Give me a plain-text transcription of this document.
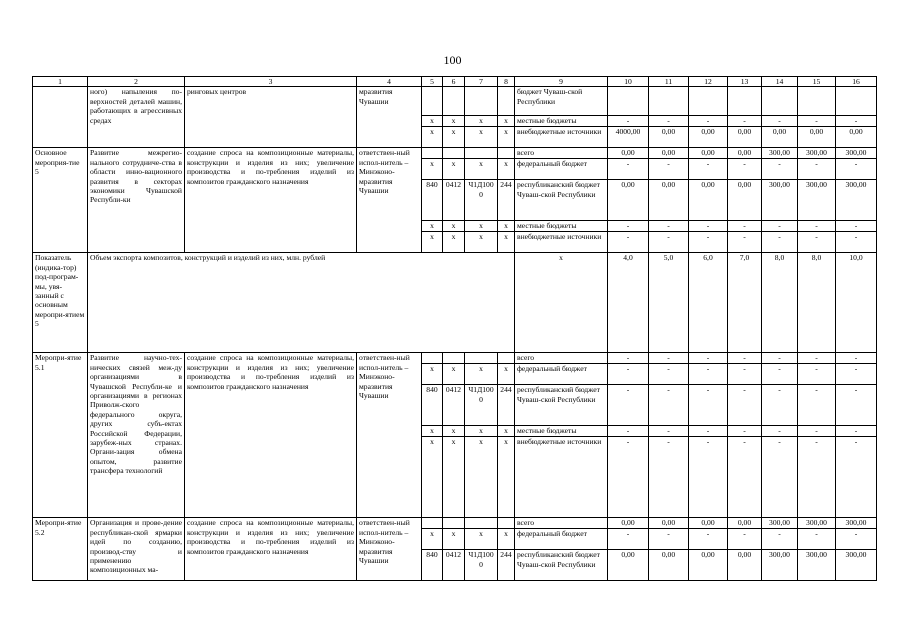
100
1	2	3	4	5	6	7	8	9	10	11	12	13	14	15	16
	ного) напыления по-верхностей деталей машин, работающих в агрессивных средах	ринговых центров	мразвития Чувашии					бюджет Чуваш-ской Республики							
				x	x	x	x	местные бюджеты	-	-	-	-	-	-	-
				x	x	x	x	внебюджетные источники	4000,00	0,00	0,00	0,00	0,00	0,00	0,00
Основное мероприя-тие 5	Развитие межрегио-нального сотрудниче-ства в области инно-вационного развития в секторах экономики Чувашской Республи-ки	создание спроса на композиционные материалы, конструкции и изделия из них; увеличение производства и по-требления изделий из композитов гражданского назначения	ответствен-ный испол-нитель – Минэконо-мразвития Чувашии					всего	0,00	0,00	0,00	0,00	300,00	300,00	300,00
				x	x	x	x	федеральный бюджет	-	-	-	-	-	-	-
				840	0412	Ч1Д1000	244	республиканский бюджет Чуваш-ской Республики	0,00	0,00	0,00	0,00	300,00	300,00	300,00
				x	x	x	x	местные бюджеты	-	-	-	-	-	-	-
				x	x	x	x	внебюджетные источники	-	-	-	-	-	-	-
Показатель (индика-тор) под-програм-мы, увя-занный с основным меропри-ятием 5	Объем экспорта композитов, конструкций и изделий из них, млн. рублей							x	4,0	5,0	6,0	7,0	8,0	8,0	10,0
Меропри-ятие 5.1	Развитие научно-тех-нических связей меж-ду организациями в Чувашской Республи-ке и организациями в регионах Приволж-ского федерального округа, других субъ-ектах Российской Федерации, зарубеж-ных странах. Органи-зация обмена опытом, развитие трансфера технологий	создание спроса на композиционные материалы, конструкции и изделия из них; увеличение производства и по-требления изделий из композитов гражданского назначения	ответствен-ный испол-нитель – Минэконо-мразвития Чувашии					всего	-	-	-	-	-	-	-
				x	x	x	x	федеральный бюджет	-	-	-	-	-	-	-
				840	0412	Ч1Д1000	244	республиканский бюджет Чуваш-ской Республики	-	-	-	-	-	-	-
				x	x	x	x	местные бюджеты	-	-	-	-	-	-	-
				x	x	x	x	внебюджетные источники	-	-	-	-	-	-	-
Меропри-ятие 5.2	Организация и прове-дение республикан-ской ярмарки идей по созданию, производ-ству и применению композиционных ма-	создание спроса на композиционные материалы, конструкции и изделия из них; увеличение производства и по-требления изделий из композитов гражданского назначения	ответствен-ный испол-нитель – Минэконо-мразвития Чувашии					всего	0,00	0,00	0,00	0,00	300,00	300,00	300,00
				x	x	x	x	федеральный бюджет	-	-	-	-	-	-	-
				840	0412	Ч1Д1000	244	республиканский бюджет Чуваш-ской Республики	0,00	0,00	0,00	0,00	300,00	300,00	300,00
